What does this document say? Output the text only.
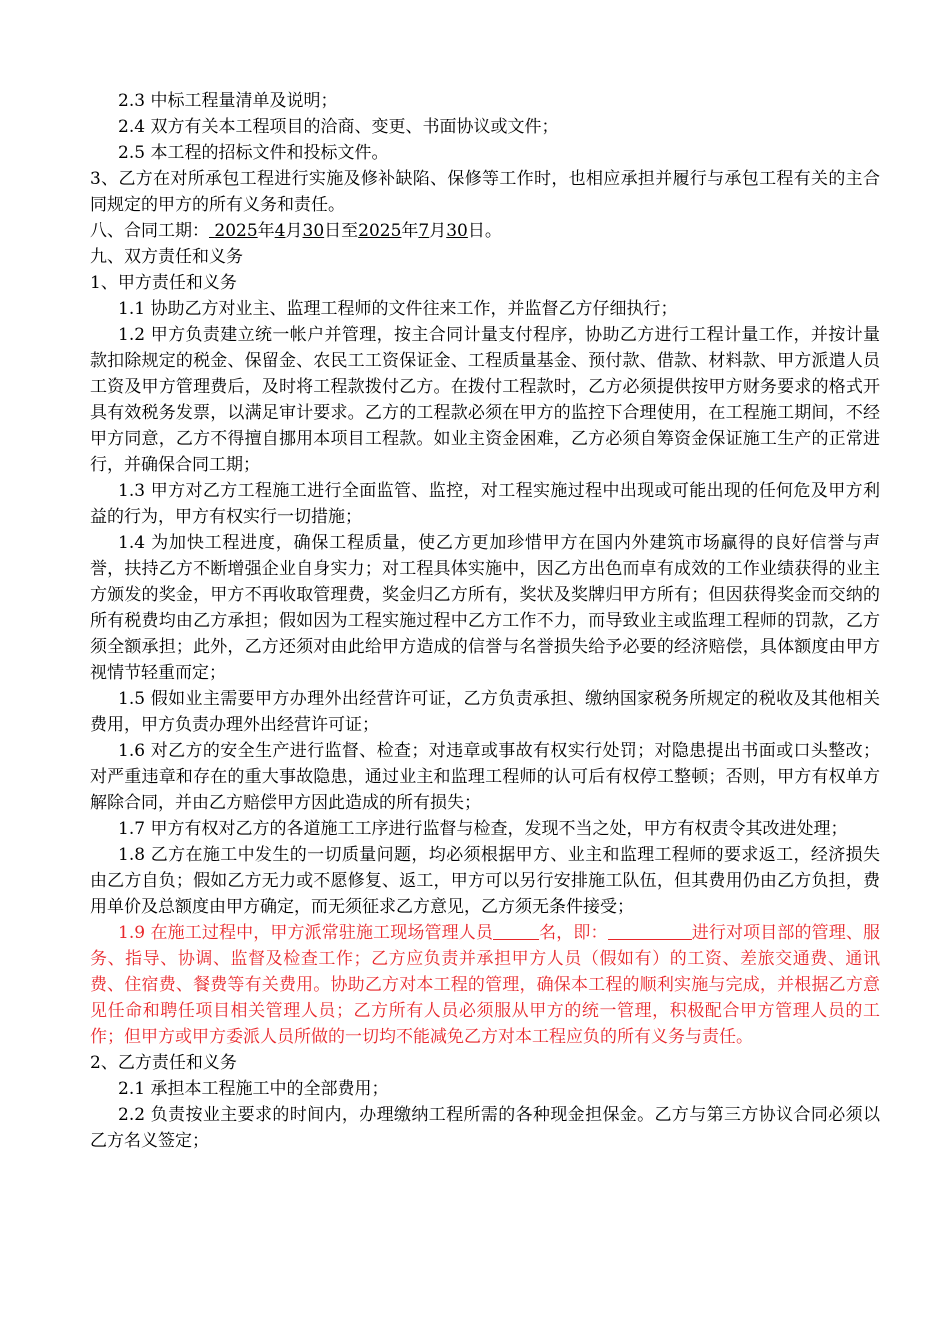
2.3 中标工程量清单及说明；

2.4 双方有关本工程项目的洽商、变更、书面协议或文件；

2.5 本工程的招标文件和投标文件。

3、乙方在对所承包工程进行实施及修补缺陷、保修等工作时，也相应承担并履行与承包工程有关的主合同规定的甲方的所有义务和责任。

八、合同工期： 2025年4月30日至2025年7月30日。

九、双方责任和义务

1、甲方责任和义务

1.1 协助乙方对业主、监理工程师的文件往来工作，并监督乙方仔细执行；

1.2 甲方负责建立统一帐户并管理，按主合同计量支付程序，协助乙方进行工程计量工作，并按计量款扣除规定的税金、保留金、农民工工资保证金、工程质量基金、预付款、借款、材料款、甲方派遣人员工资及甲方管理费后，及时将工程款拨付乙方。在拨付工程款时，乙方必须提供按甲方财务要求的格式开具有效税务发票，以满足审计要求。乙方的工程款必须在甲方的监控下合理使用，在工程施工期间，不经甲方同意，乙方不得擅自挪用本项目工程款。如业主资金困难，乙方必须自筹资金保证施工生产的正常进行，并确保合同工期；

1.3 甲方对乙方工程施工进行全面监管、监控，对工程实施过程中出现或可能出现的任何危及甲方利益的行为，甲方有权实行一切措施；

1.4 为加快工程进度，确保工程质量，使乙方更加珍惜甲方在国内外建筑市场赢得的良好信誉与声誉，扶持乙方不断增强企业自身实力；对工程具体实施中，因乙方出色而卓有成效的工作业绩获得的业主方颁发的奖金，甲方不再收取管理费，奖金归乙方所有，奖状及奖牌归甲方所有；但因获得奖金而交纳的所有税费均由乙方承担；假如因为工程实施过程中乙方工作不力，而导致业主或监理工程师的罚款，乙方须全额承担；此外，乙方还须对由此给甲方造成的信誉与名誉损失给予必要的经济赔偿，具体额度由甲方视情节轻重而定；

1.5 假如业主需要甲方办理外出经营许可证，乙方负责承担、缴纳国家税务所规定的税收及其他相关费用，甲方负责办理外出经营许可证；

1.6 对乙方的安全生产进行监督、检查；对违章或事故有权实行处罚；对隐患提出书面或口头整改；对严重违章和存在的重大事故隐患，通过业主和监理工程师的认可后有权停工整顿；否则，甲方有权单方解除合同，并由乙方赔偿甲方因此造成的所有损失；

1.7 甲方有权对乙方的各道施工工序进行监督与检查，发现不当之处，甲方有权责令其改进处理；

1.8 乙方在施工中发生的一切质量问题，均必须根据甲方、业主和监理工程师的要求返工，经济损失由乙方自负；假如乙方无力或不愿修复、返工，甲方可以另行安排施工队伍，但其费用仍由乙方负担，费用单价及总额度由甲方确定，而无须征求乙方意见，乙方须无条件接受；

1.9 在施工过程中，甲方派常驻施工现场管理人员	名，即：	进行对项目部的管理、服务、指导、协调、监督及检查工作；乙方应负责并承担甲方人员（假如有）的工资、差旅交通费、通讯费、住宿费、餐费等有关费用。协助乙方对本工程的管理，确保本工程的顺利实施与完成，并根据乙方意见任命和聘任项目相关管理人员；乙方所有人员必须服从甲方的统一管理，积极配合甲方管理人员的工作；但甲方或甲方委派人员所做的一切均不能减免乙方对本工程应负的所有义务与责任。

2、乙方责任和义务

2.1 承担本工程施工中的全部费用；

2.2 负责按业主要求的时间内，办理缴纳工程所需的各种现金担保金。乙方与第三方协议合同必须以乙方名义签定；
